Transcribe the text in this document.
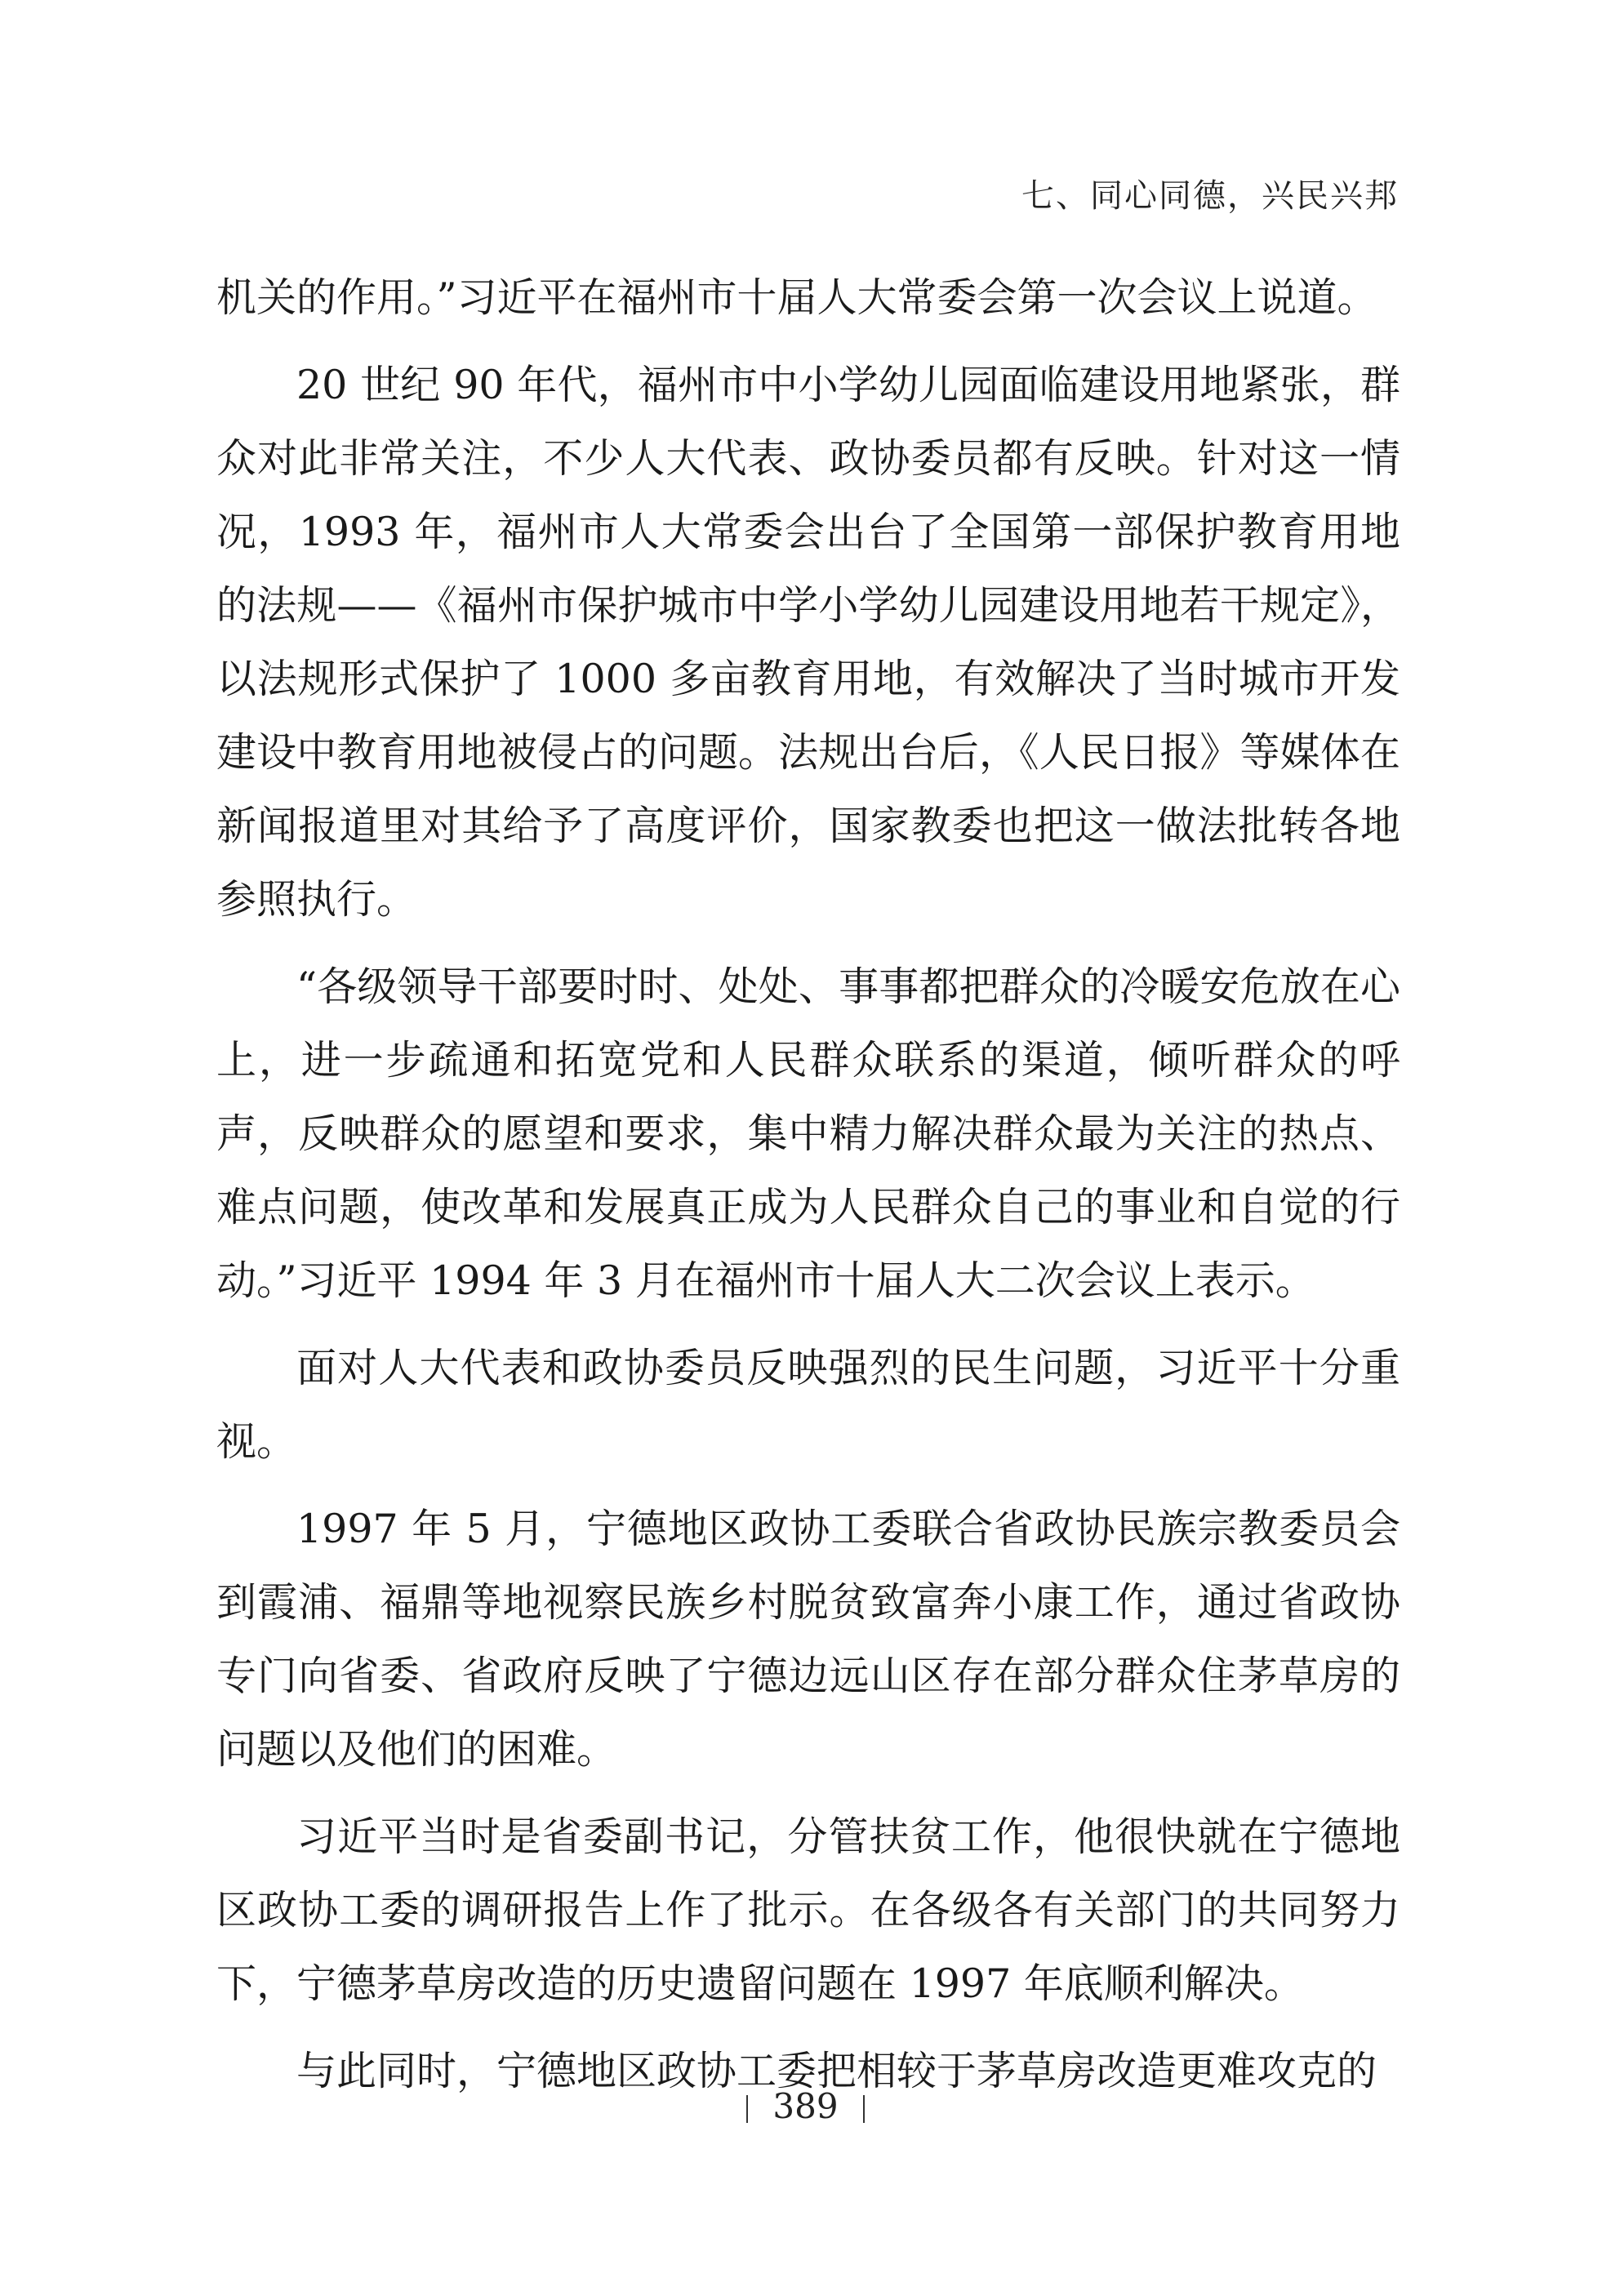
七、同心同德，兴民兴邦

机关的作用。”习近平在福州市十届人大常委会第一次会议上说道。

20 世纪 90 年代，福州市中小学幼儿园面临建设用地紧张，群众对此非常关注，不少人大代表、政协委员都有反映。针对这一情况，1993 年，福州市人大常委会出台了全国第一部保护教育用地的法规——《福州市保护城市中学小学幼儿园建设用地若干规定》，以法规形式保护了 1000 多亩教育用地，有效解决了当时城市开发建设中教育用地被侵占的问题。法规出台后，《人民日报》等媒体在新闻报道里对其给予了高度评价，国家教委也把这一做法批转各地参照执行。

“各级领导干部要时时、处处、事事都把群众的冷暖安危放在心上，进一步疏通和拓宽党和人民群众联系的渠道，倾听群众的呼声，反映群众的愿望和要求，集中精力解决群众最为关注的热点、难点问题，使改革和发展真正成为人民群众自己的事业和自觉的行动。”习近平 1994 年 3 月在福州市十届人大二次会议上表示。

面对人大代表和政协委员反映强烈的民生问题，习近平十分重视。

1997 年 5 月，宁德地区政协工委联合省政协民族宗教委员会到霞浦、福鼎等地视察民族乡村脱贫致富奔小康工作，通过省政协专门向省委、省政府反映了宁德边远山区存在部分群众住茅草房的问题以及他们的困难。

习近平当时是省委副书记，分管扶贫工作，他很快就在宁德地区政协工委的调研报告上作了批示。在各级各有关部门的共同努力下，宁德茅草房改造的历史遗留问题在 1997 年底顺利解决。

与此同时，宁德地区政协工委把相较于茅草房改造更难攻克的

389
